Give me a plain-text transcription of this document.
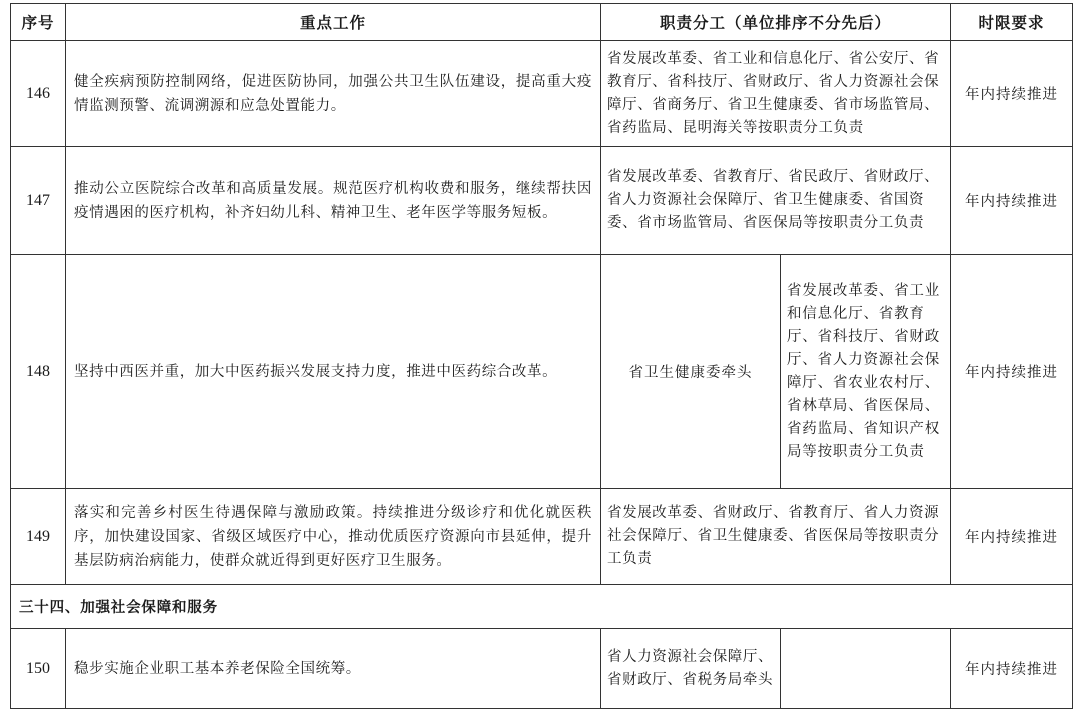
序号	重点工作	职责分工（单位排序不分先后）		时限要求
146	健全疾病预防控制网络，促进医防协同，加强公共卫生队伍建设，提高重大疫情监测预警、流调溯源和应急处置能力。	省发展改革委、省工业和信息化厅、省公安厅、省教育厅、省科技厅、省财政厅、省人力资源社会保障厅、省商务厅、省卫生健康委、省市场监管局、省药监局、昆明海关等按职责分工负责		年内持续推进
147	推动公立医院综合改革和高质量发展。规范医疗机构收费和服务，继续帮扶因疫情遇困的医疗机构，补齐妇幼儿科、精神卫生、老年医学等服务短板。	省发展改革委、省教育厅、省民政厅、省财政厅、省人力资源社会保障厅、省卫生健康委、省国资委、省市场监管局、省医保局等按职责分工负责		年内持续推进
148	坚持中西医并重，加大中医药振兴发展支持力度，推进中医药综合改革。	省卫生健康委牵头	省发展改革委、省工业和信息化厅、省教育厅、省科技厅、省财政厅、省人力资源社会保障厅、省农业农村厅、省林草局、省医保局、省药监局、省知识产权局等按职责分工负责	年内持续推进
149	落实和完善乡村医生待遇保障与激励政策。持续推进分级诊疗和优化就医秩序，加快建设国家、省级区域医疗中心，推动优质医疗资源向市县延伸，提升基层防病治病能力，使群众就近得到更好医疗卫生服务。	省发展改革委、省财政厅、省教育厅、省人力资源社会保障厅、省卫生健康委、省医保局等按职责分工负责		年内持续推进
三十四、加强社会保障和服务				
150	稳步实施企业职工基本养老保险全国统筹。	省人力资源社会保障厅、省财政厅、省税务局牵头		年内持续推进
